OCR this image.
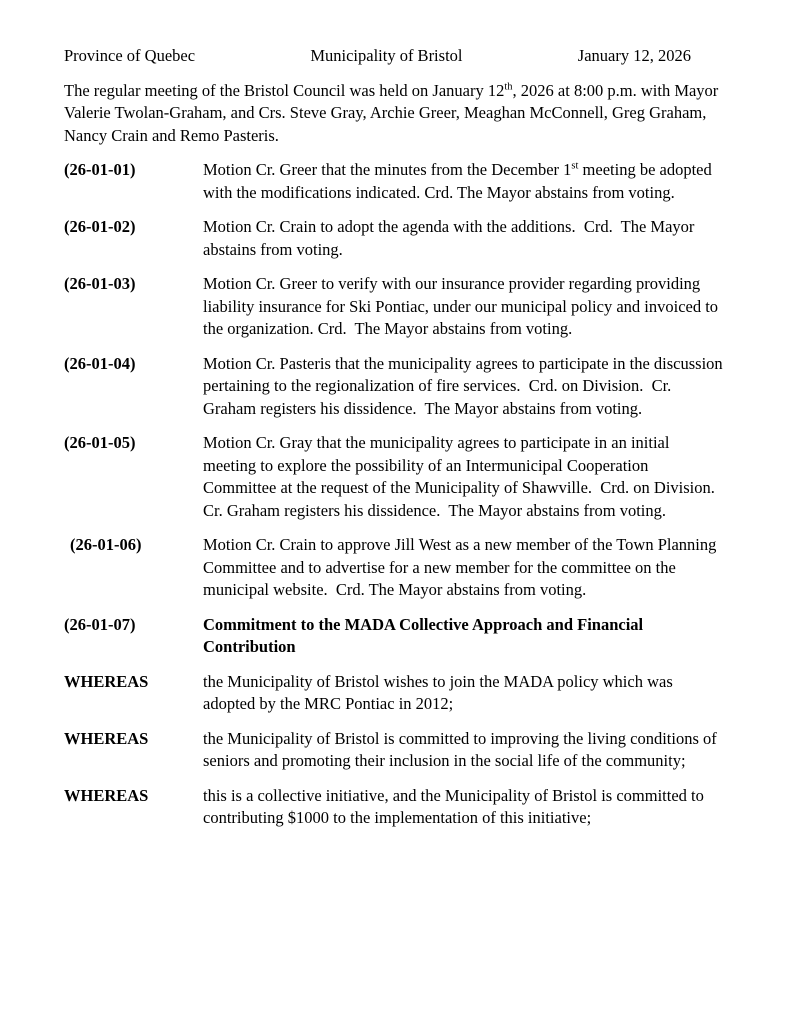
Province of Quebec	Municipality of Bristol	January 12, 2026
The regular meeting of the Bristol Council was held on January 12th, 2026 at 8:00 p.m. with Mayor Valerie Twolan-Graham, and Crs. Steve Gray, Archie Greer, Meaghan McConnell, Greg Graham, Nancy Crain and Remo Pasteris.
(26-01-01)	Motion Cr. Greer that the minutes from the December 1st meeting be adopted with the modifications indicated. Crd. The Mayor abstains from voting.
(26-01-02)	Motion Cr. Crain to adopt the agenda with the additions.  Crd.  The Mayor abstains from voting.
(26-01-03)	Motion Cr. Greer to verify with our insurance provider regarding providing liability insurance for Ski Pontiac, under our municipal policy and invoiced to the organization. Crd.  The Mayor abstains from voting.
(26-01-04)	Motion Cr. Pasteris that the municipality agrees to participate in the discussion pertaining to the regionalization of fire services.  Crd. on Division.  Cr. Graham registers his dissidence.  The Mayor abstains from voting.
(26-01-05)	Motion Cr. Gray that the municipality agrees to participate in an initial meeting to explore the possibility of an Intermunicipal Cooperation Committee at the request of the Municipality of Shawville.  Crd. on Division. Cr. Graham registers his dissidence.  The Mayor abstains from voting.
(26-01-06)	Motion Cr. Crain to approve Jill West as a new member of the Town Planning Committee and to advertise for a new member for the committee on the municipal website.  Crd. The Mayor abstains from voting.
(26-01-07)	Commitment to the MADA Collective Approach and Financial Contribution
WHEREAS	the Municipality of Bristol wishes to join the MADA policy which was adopted by the MRC Pontiac in 2012;
WHEREAS	the Municipality of Bristol is committed to improving the living conditions of seniors and promoting their inclusion in the social life of the community;
WHEREAS	this is a collective initiative, and the Municipality of Bristol is committed to contributing $1000 to the implementation of this initiative;
